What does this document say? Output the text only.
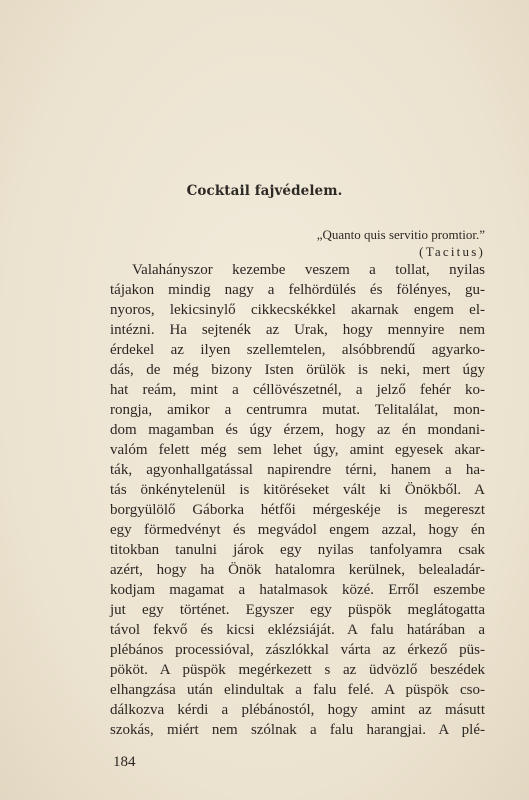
Cocktail fajvédelem.
„Quanto quis servitio promtior.”
(Tacitus)
Valahányszor kezembe veszem a tollat, nyilas
tájakon mindig nagy a felhördülés és fölényes, gu-
nyoros, lekicsinylő cikkecskékkel akarnak engem el-
intézni. Ha sejtenék az Urak, hogy mennyire nem
érdekel az ilyen szellemtelen, alsóbbrendű agyarko-
dás, de még bizony Isten örülök is neki, mert úgy
hat reám, mint a céllövészetnél, a jelző fehér ko-
rongja, amikor a centrumra mutat. Telitalálat, mon-
dom magamban és úgy érzem, hogy az én mondani-
valóm felett még sem lehet úgy, amint egyesek akar-
ták, agyonhallgatással napirendre térni, hanem a ha-
tás önkénytelenül is kitöréseket vált ki Önökből. A
borgyülölő Gáborka hétfői mérgeskéje is megereszt
egy förmedvényt és megvádol engem azzal, hogy én
titokban tanulni járok egy nyilas tanfolyamra csak
azért, hogy ha Önök hatalomra kerülnek, belealadár-
kodjam magamat a hatalmasok közé. Erről eszembe
jut egy történet. Egyszer egy püspök meglátogatta
távol fekvő és kicsi eklézsiáját. A falu határában a
plébános processióval, zászlókkal várta az érkező püs-
pököt. A püspök megérkezett s az üdvözlő beszédek
elhangzása után elindultak a falu felé. A püspök cso-
dálkozva kérdi a plébánostól, hogy amint az másutt
szokás, miért nem szólnak a falu harangjai. A plé-
184
